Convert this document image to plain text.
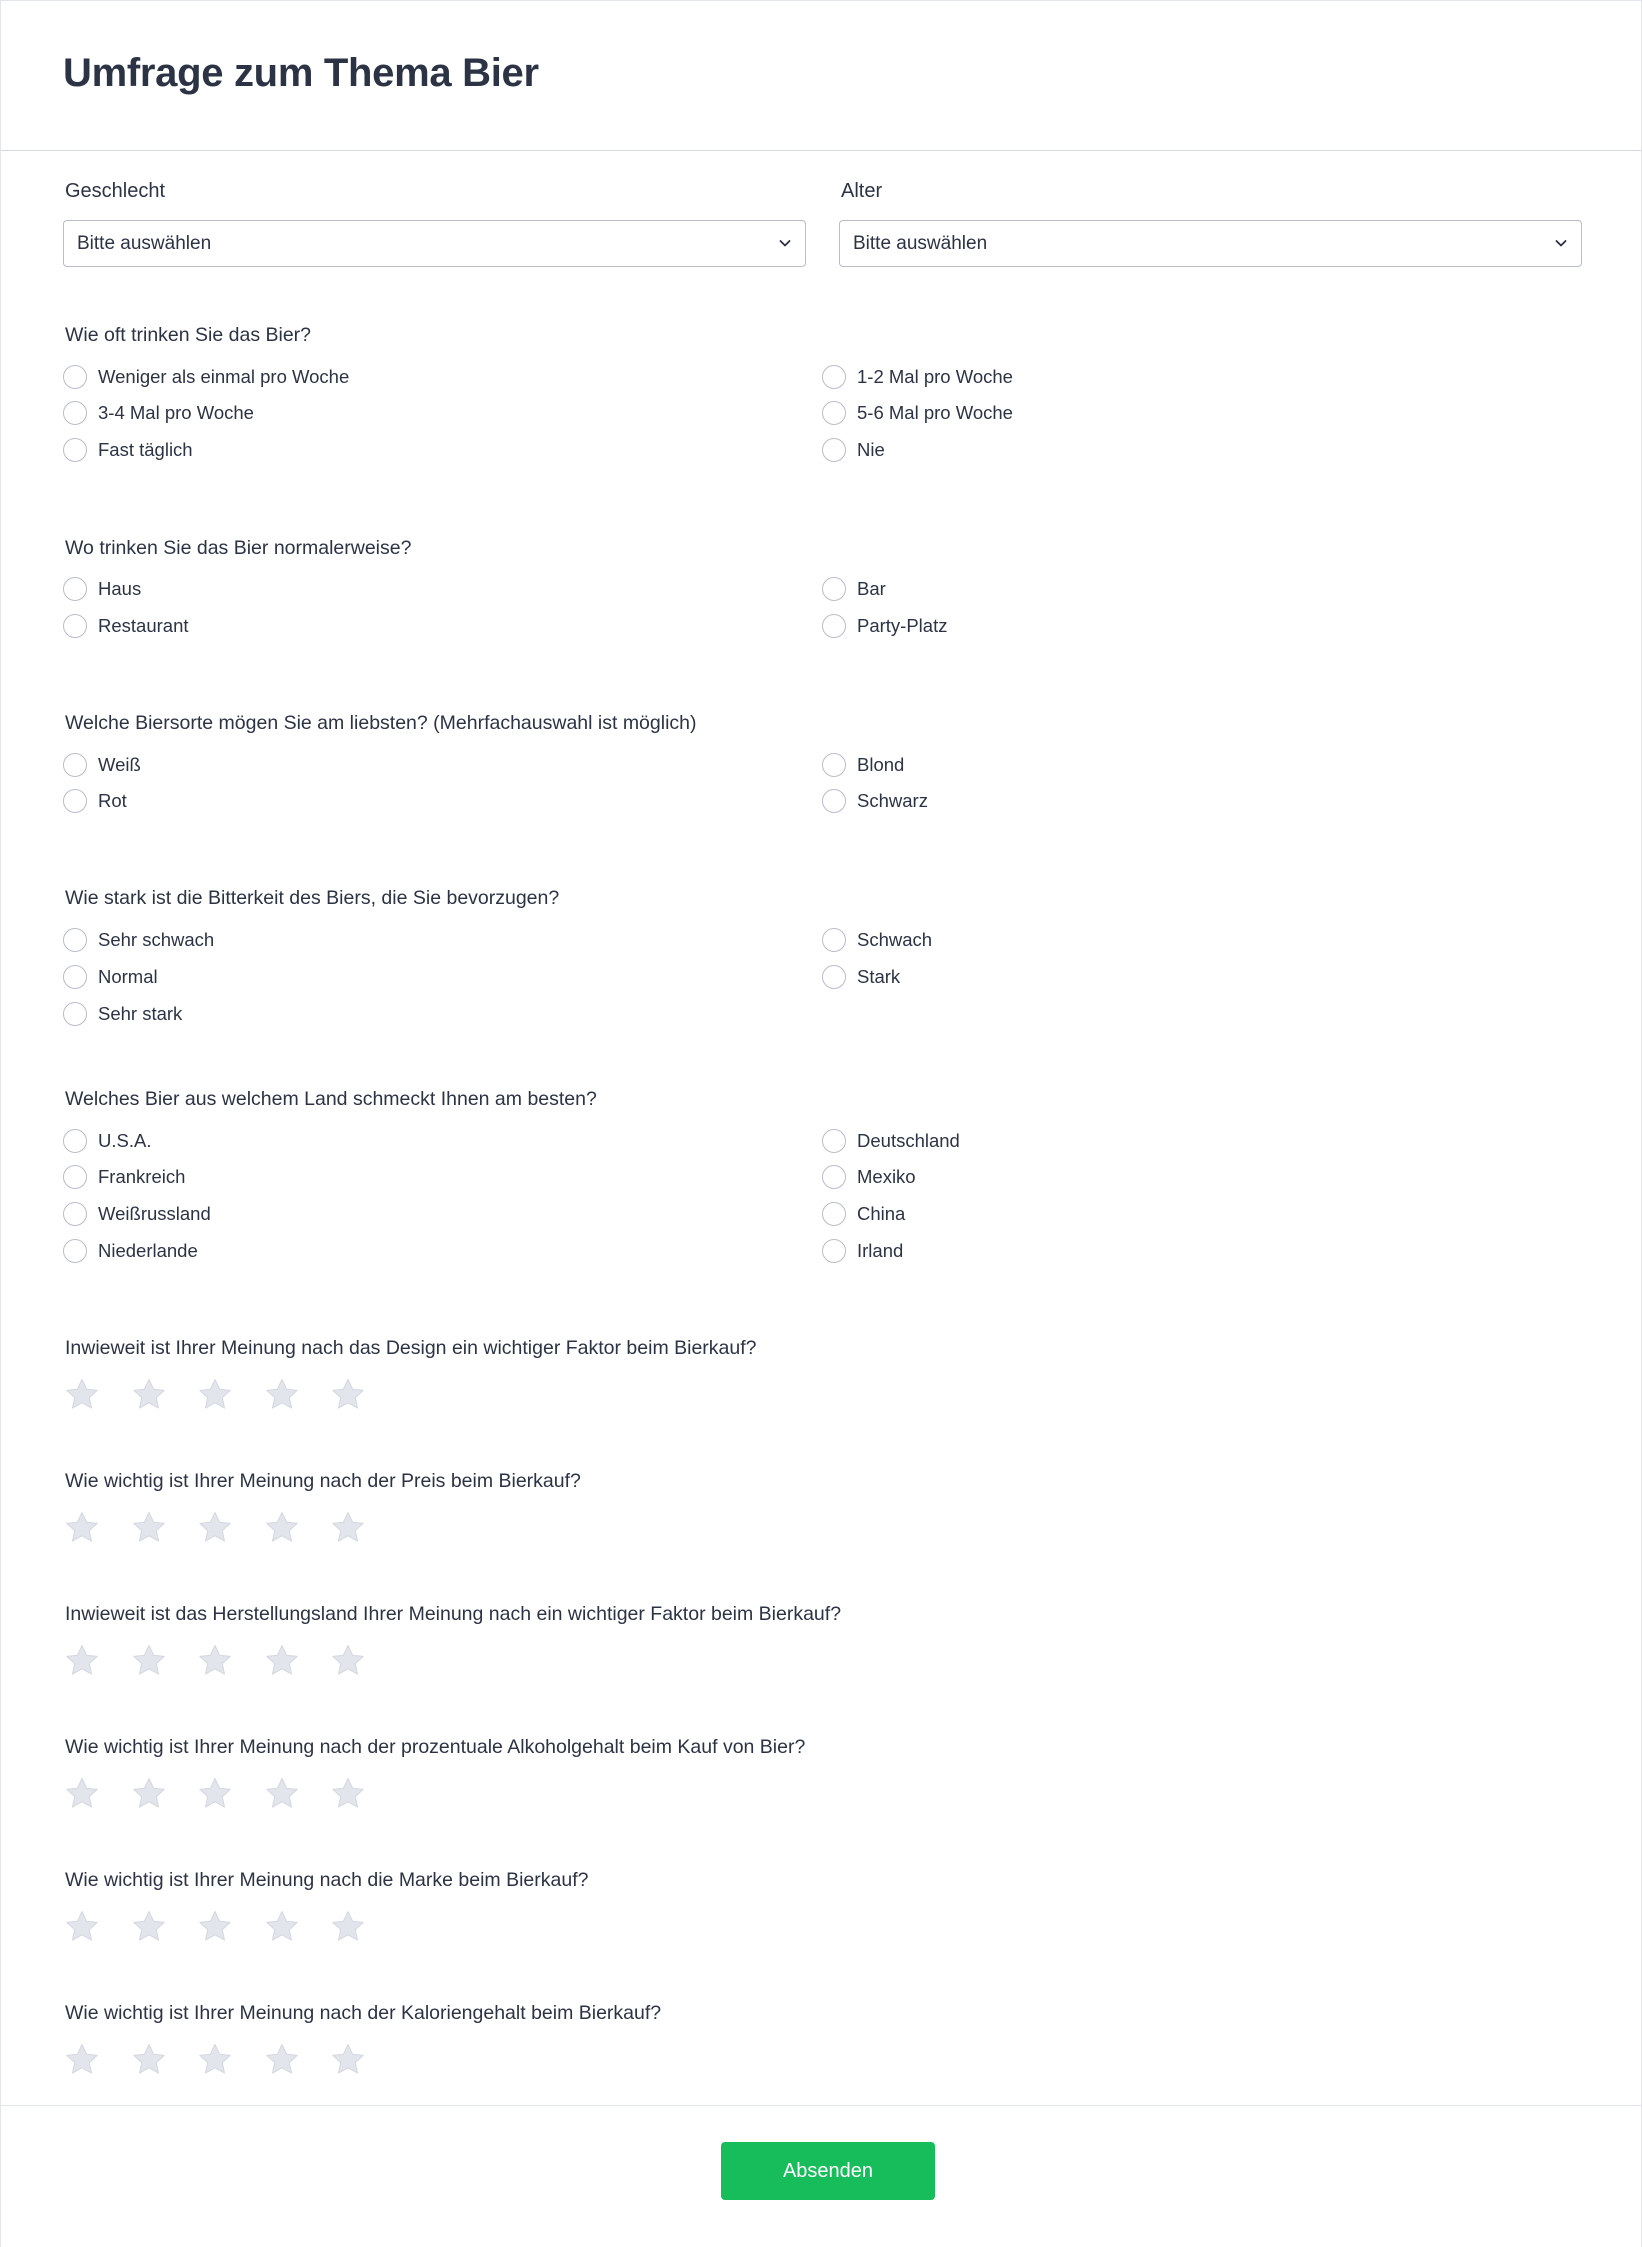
Umfrage zum Thema Bier
Geschlecht
Bitte auswählen
Alter
Bitte auswählen
Wie oft trinken Sie das Bier?
Weniger als einmal pro Woche	1-2 Mal pro Woche
3-4 Mal pro Woche	5-6 Mal pro Woche
Fast täglich	Nie
Wo trinken Sie das Bier normalerweise?
Haus	Bar
Restaurant	Party-Platz
Welche Biersorte mögen Sie am liebsten? (Mehrfachauswahl ist möglich)
Weiß	Blond
Rot	Schwarz
Wie stark ist die Bitterkeit des Biers, die Sie bevorzugen?
Sehr schwach	Schwach
Normal	Stark
Sehr stark
Welches Bier aus welchem Land schmeckt Ihnen am besten?
U.S.A.	Deutschland
Frankreich	Mexiko
Weißrussland	China
Niederlande	Irland
Inwieweit ist Ihrer Meinung nach das Design ein wichtiger Faktor beim Bierkauf?
Wie wichtig ist Ihrer Meinung nach der Preis beim Bierkauf?
Inwieweit ist das Herstellungsland Ihrer Meinung nach ein wichtiger Faktor beim Bierkauf?
Wie wichtig ist Ihrer Meinung nach der prozentuale Alkoholgehalt beim Kauf von Bier?
Wie wichtig ist Ihrer Meinung nach die Marke beim Bierkauf?
Wie wichtig ist Ihrer Meinung nach der Kaloriengehalt beim Bierkauf?
Absenden
